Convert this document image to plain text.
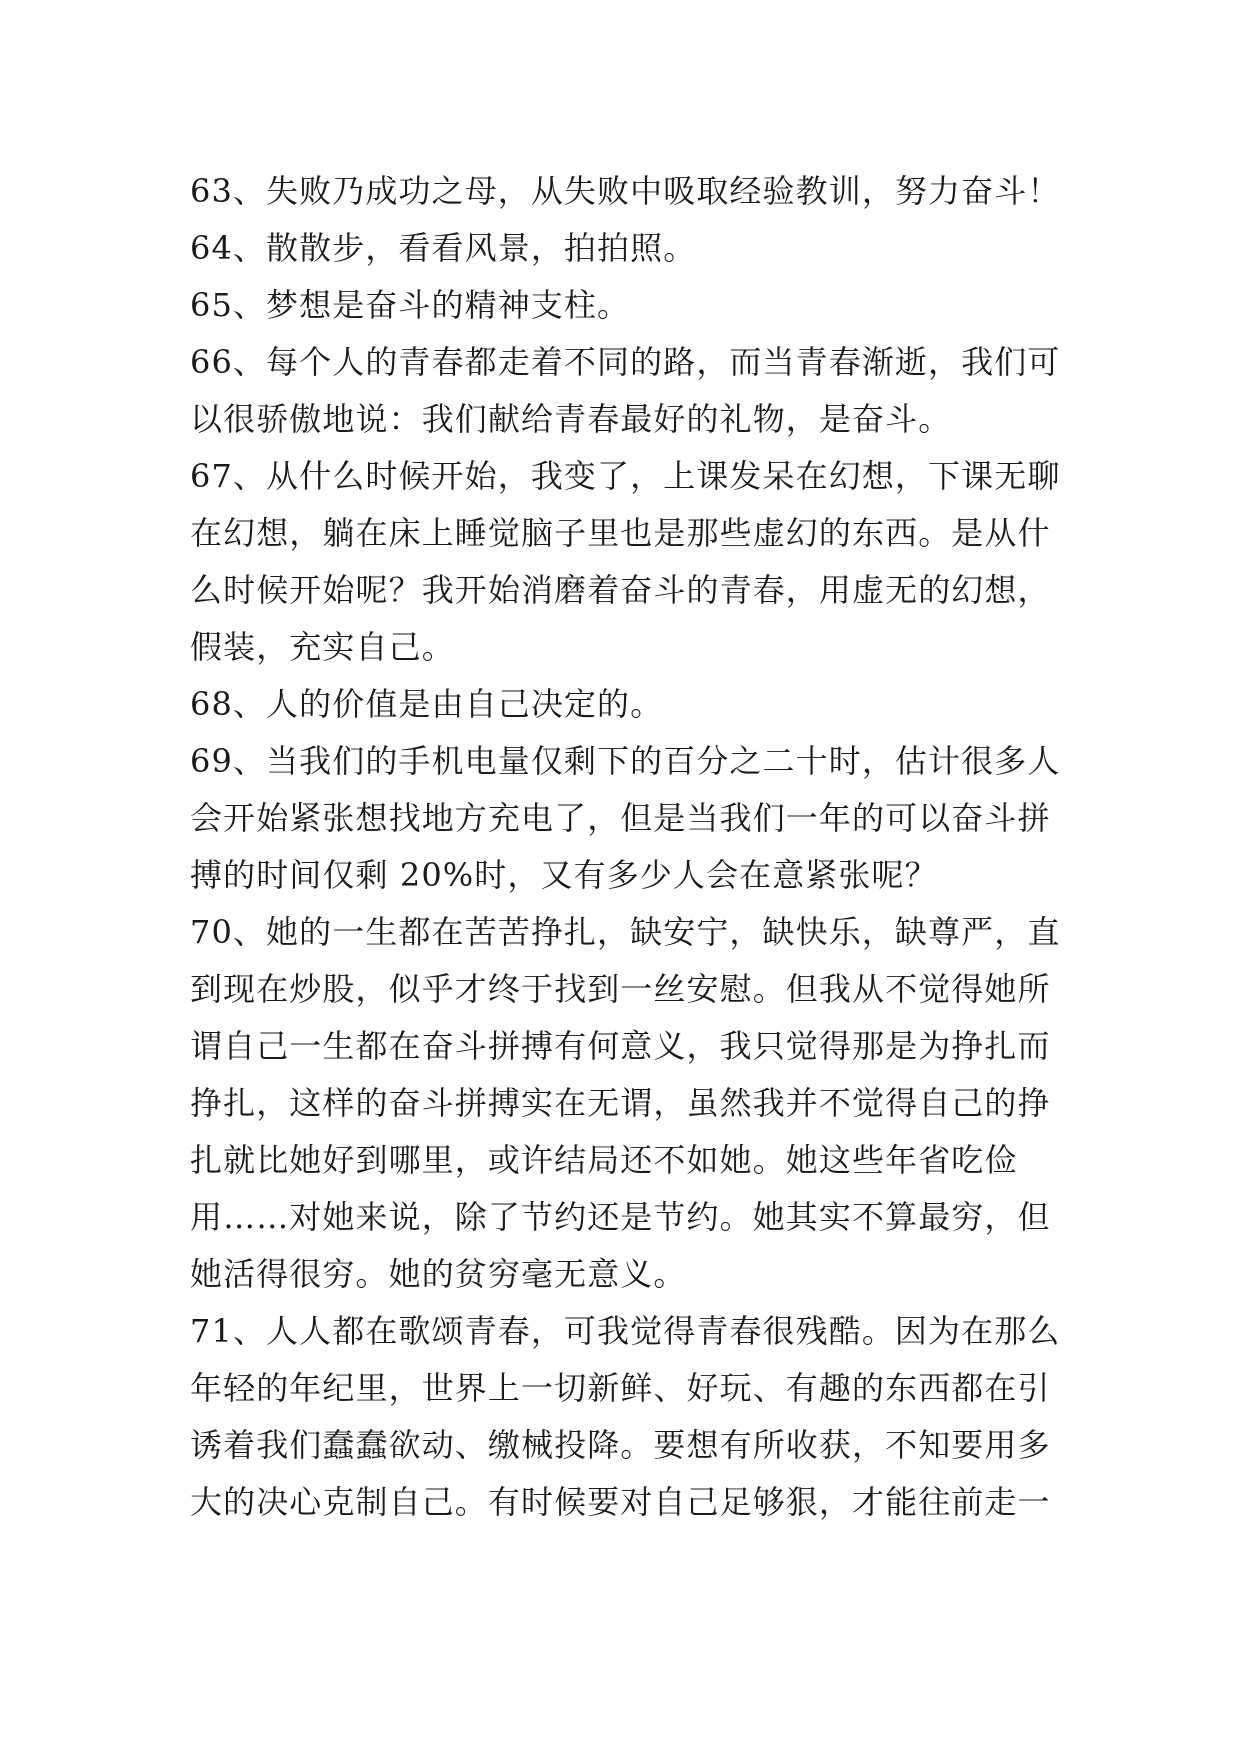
63、失败乃成功之母，从失败中吸取经验教训，努力奋斗！
64、散散步，看看风景，拍拍照。
65、梦想是奋斗的精神支柱。
66、每个人的青春都走着不同的路，而当青春渐逝，我们可
以很骄傲地说：我们献给青春最好的礼物，是奋斗。
67、从什么时候开始，我变了，上课发呆在幻想，下课无聊
在幻想，躺在床上睡觉脑子里也是那些虚幻的东西。是从什
么时候开始呢？我开始消磨着奋斗的青春，用虚无的幻想，
假装，充实自己。
68、人的价值是由自己决定的。
69、当我们的手机电量仅剩下的百分之二十时，估计很多人
会开始紧张想找地方充电了，但是当我们一年的可以奋斗拼
搏的时间仅剩 20%时，又有多少人会在意紧张呢？
70、她的一生都在苦苦挣扎，缺安宁，缺快乐，缺尊严，直
到现在炒股，似乎才终于找到一丝安慰。但我从不觉得她所
谓自己一生都在奋斗拼搏有何意义，我只觉得那是为挣扎而
挣扎，这样的奋斗拼搏实在无谓，虽然我并不觉得自己的挣
扎就比她好到哪里，或许结局还不如她。她这些年省吃俭
用……对她来说，除了节约还是节约。她其实不算最穷，但
她活得很穷。她的贫穷毫无意义。
71、人人都在歌颂青春，可我觉得青春很残酷。因为在那么
年轻的年纪里，世界上一切新鲜、好玩、有趣的东西都在引
诱着我们蠢蠢欲动、缴械投降。要想有所收获，不知要用多
大的决心克制自己。有时候要对自己足够狠，才能往前走一
